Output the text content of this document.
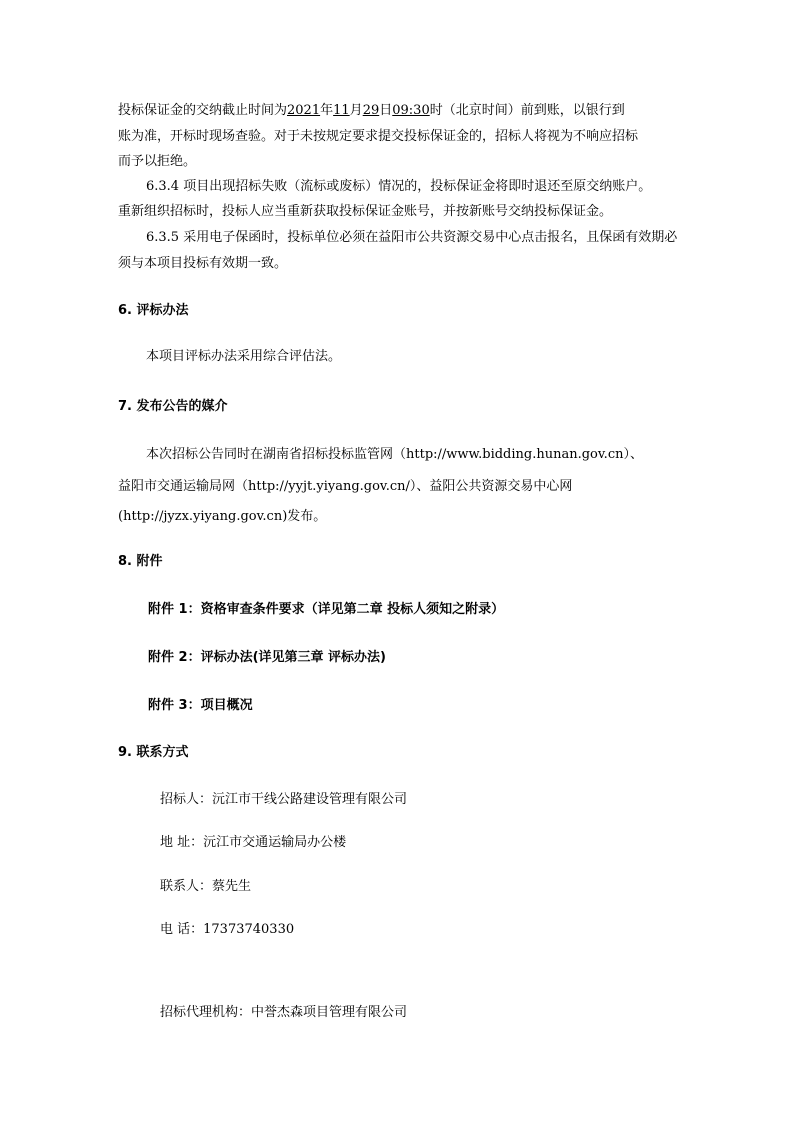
投标保证金的交纳截止时间为2021年11月29日09:30时（北京时间）前到账，以银行到
账为准，开标时现场查验。对于未按规定要求提交投标保证金的，招标人将视为不响应招标
而予以拒绝。
6.3.4 项目出现招标失败（流标或废标）情况的，投标保证金将即时退还至原交纳账户。
重新组织招标时，投标人应当重新获取投标保证金账号，并按新账号交纳投标保证金。
6.3.5 采用电子保函时，投标单位必须在益阳市公共资源交易中心点击报名，且保函有效期必
须与本项目投标有效期一致。
6. 评标办法
本项目评标办法采用综合评估法。
7. 发布公告的媒介
本次招标公告同时在湖南省招标投标监管网（http://www.bidding.hunan.gov.cn）、
益阳市交通运输局网（http://yyjt.yiyang.gov.cn/）、益阳公共资源交易中心网
(http://jyzx.yiyang.gov.cn)发布。
8. 附件
附件 1：资格审查条件要求（详见第二章 投标人须知之附录）
附件 2：评标办法(详见第三章 评标办法)
附件 3：项目概况
9. 联系方式
招标人：沅江市干线公路建设管理有限公司
地 址：沅江市交通运输局办公楼
联系人：蔡先生
电 话：17373740330
招标代理机构：中誉杰森项目管理有限公司
